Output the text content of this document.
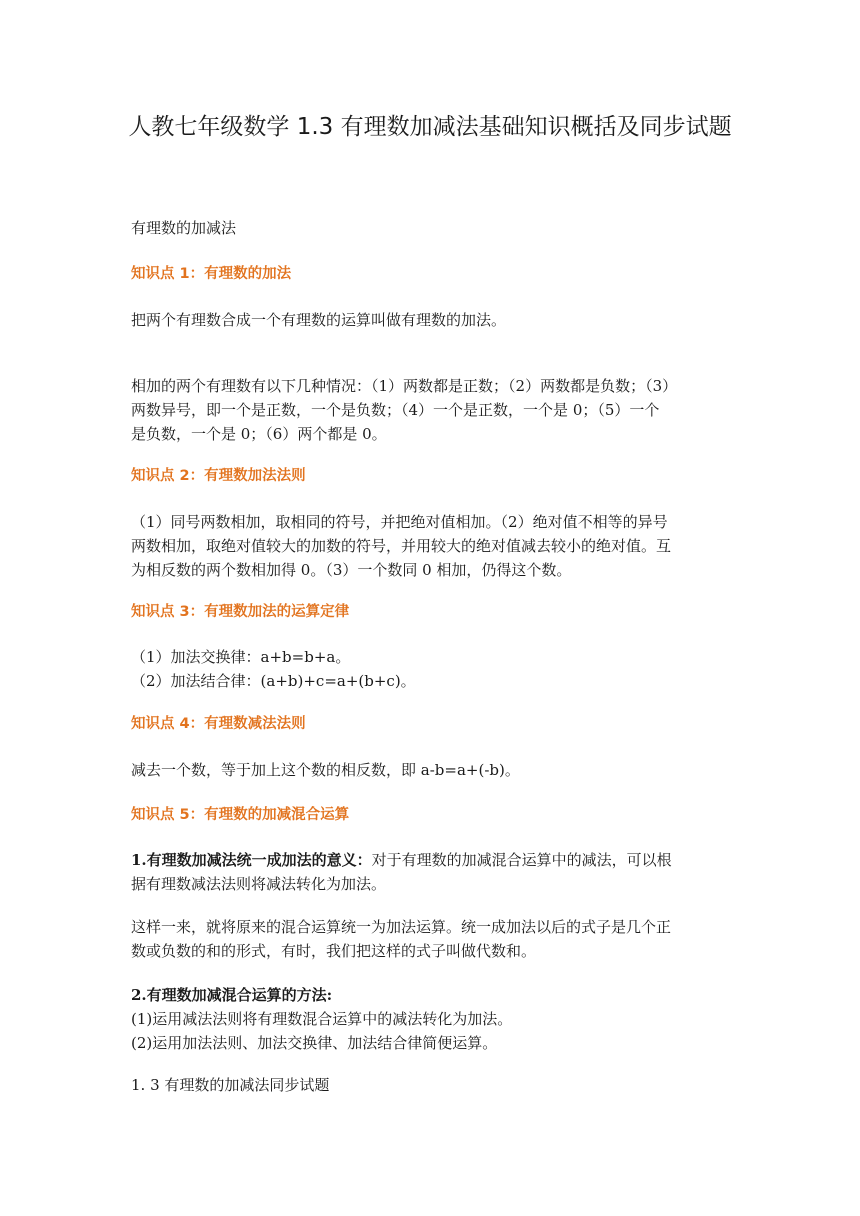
人教七年级数学 1.3 有理数加减法基础知识概括及同步试题

有理数的加减法

知识点 1：有理数的加法

把两个有理数合成一个有理数的运算叫做有理数的加法。

相加的两个有理数有以下几种情况：（1）两数都是正数；（2）两数都是负数；（3）
两数异号，即一个是正数，一个是负数；（4）一个是正数，一个是 0；（5）一个
是负数，一个是 0；（6）两个都是 0。

知识点 2：有理数加法法则

（1）同号两数相加，取相同的符号，并把绝对值相加。（2）绝对值不相等的异号
两数相加，取绝对值较大的加数的符号，并用较大的绝对值减去较小的绝对值。互
为相反数的两个数相加得 0。（3）一个数同 0 相加，仍得这个数。

知识点 3：有理数加法的运算定律

（1）加法交换律：a+b=b+a。
（2）加法结合律：(a+b)+c=a+(b+c)。

知识点 4：有理数减法法则

减去一个数，等于加上这个数的相反数，即 a-b=a+(-b)。

知识点 5：有理数的加减混合运算

1.有理数加减法统一成加法的意义：对于有理数的加减混合运算中的减法，可以根
据有理数减法法则将减法转化为加法。
这样一来，就将原来的混合运算统一为加法运算。统一成加法以后的式子是几个正
数或负数的和的形式，有时，我们把这样的式子叫做代数和。
2.有理数加减混合运算的方法:
(1)运用减法法则将有理数混合运算中的减法转化为加法。
(2)运用加法法则、加法交换律、加法结合律简便运算。

1. 3 有理数的加减法同步试题
